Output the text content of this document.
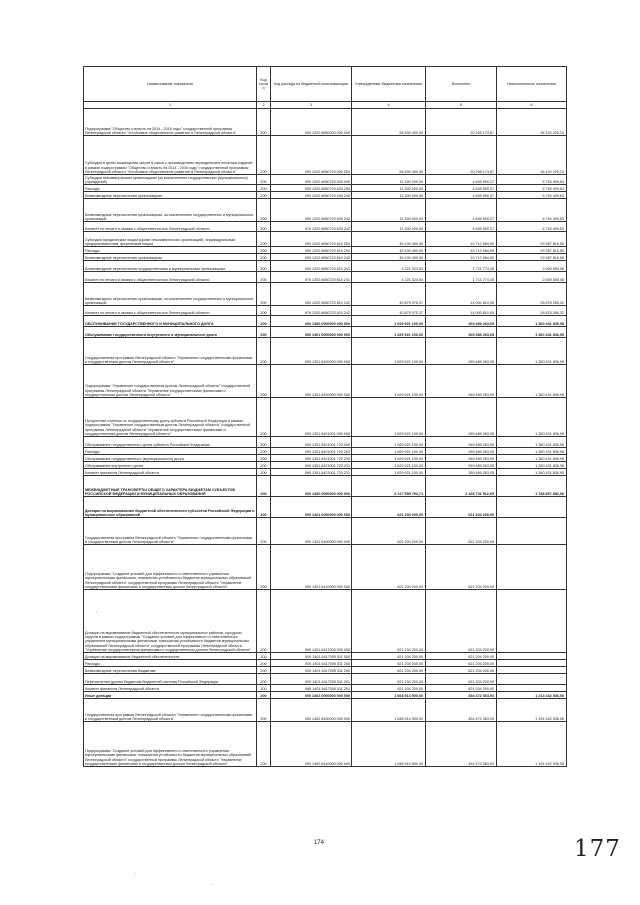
Наименование показателя	Код строк и	Код расхода по бюджетной классификации	Утвержденные бюджетные назначения	Исполнено	Неисполненные назначения
1	2	3	4	5	6
Подпрограмма "Общество и власть на 2014 - 2016 годы" государственной программы Ленинградской области "Устойчивое общественное развитие в Ленинградской области"	200	000 1202 6650000 000 000	56 400 400,00	20 258 174,87	36 142 225,13
Субсидии в целях возмещения затрат в связи с производством периодических печатных изданий в рамках подпрограммы "Общество и власть на 2014 - 2016 годы" государственной программы Ленинградской области "Устойчивое общественное развитие в Ленинградской области"	200	000 1202 6650720 000 000	56 400 400,00	20 258 174,87	36 142 225,13
Субсидии некоммерческим организациям (за исключением государственных (муниципальных) учреждений)	200	000 1202 6650720 630 000	11 300 000,00	4 545 590,37	6 754 409,63
Расходы	200	000 1202 6650720 630 200	11 300 000,00	4 545 590,37	6 754 409,63
Безвозмездные перечисления организациям	200	000 1202 6650720 630 240	11 300 000,00	4 545 590,37	6 754 409,63
Безвозмездные перечисления организациям, за исключением государственных и муниципальных организаций	200	000 1202 6650720 630 242	11 300 000,00	4 545 590,37	6 754 409,63
Комитет по печати и связям с общественностью Ленинградской области	200	976 1202 6650720 630 242	11 300 000,00	4 545 590,37	6 754 409,63
Субсидии юридическим лицам (кроме некоммерческих организаций), индивидуальным предпринимателям, физическим лицам	200	000 1202 6650720 810 000	45 100 400,00	15 712 584,50	29 387 815,50
Расходы	200	000 1202 6650720 810 200	45 100 400,00	15 712 584,50	29 387 815,50
Безвозмездные перечисления организациям	200	000 1202 6650720 810 240	45 100 400,00	15 712 584,50	29 387 815,50
Безвозмездные перечисления государственным и муниципальным организациям	200	000 1202 6650720 810 241	4 221 324,53	1 711 774,45	2 509 550,08
Комитет по печати и связям с общественностью Ленинградской области	200	976 1202 6650720 810 241	4 221 324,53	1 711 774,45	2 509 550,08
Безвозмездные перечисления организациям, за исключением государственных и муниципальных организаций	200	000 1202 6650720 810 242	40 879 075,37	14 000 810,05	26 878 265,32
Комитет по печати и связям с общественностью Ленинградской области	200	976 1202 6650720 810 242	40 879 075,37	14 000 810,05	26 878 265,32
ОБСЛУЖИВАНИЕ ГОСУДАРСТВЕННОГО И МУНИЦИПАЛЬНОГО ДОЛГА	200	000 1300 0000000 000 000	1 629 921 100,00	269 489 263,05	1 360 431 836,95
Обслуживание государственного внутреннего и муниципального долга	200	000 1301 0000000 000 000	1 629 921 100,00	269 489 263,05	1 360 431 836,95
Государственная программа Ленинградской области "Управление государственными финансами и государственным долгом Ленинградской области"	200	000 1301 6400000 000 000	1 629 921 100,00	269 489 263,05	1 360 431 836,95
Подпрограмма "Управление государственным долгом Ленинградской области" государственной программы Ленинградской области "Управление государственными финансами и государственным долгом Ленинградской области"	200	000 1301 6420000 000 000	1 629 921 100,00	269 489 263,05	1 360 431 836,95
Процентные платежи по государственному долгу субъекта Российской Федерации в рамках подпрограммы "Управление государственным долгом Ленинградской области" государственной программы Ленинградской области "Управление государственными финансами и государственным долгом Ленинградской области"	200	000 1301 6421001 000 000	1 629 921 100,00	269 489 263,05	1 360 431 836,95
Обслуживание государственного долга субъекта Российской Федерации	200	000 1301 6421001 720 000	1 629 921 100,00	269 489 263,05	1 360 431 836,95
Расходы	200	000 1301 6421001 720 200	1 629 921 100,00	269 489 263,05	1 360 431 836,95
Обслуживание государственного (муниципального) долга	200	000 1301 6421001 720 230	1 629 921 100,00	269 489 263,05	1 360 431 836,95
Обслуживание внутреннего долга	200	000 1301 6421001 720 231	1 629 921 100,00	269 489 263,05	1 360 431 836,95
Комитет финансов Ленинградской области	200	985 1301 6421001 720 231	1 629 921 100,00	269 489 263,05	1 360 431 836,95
МЕЖБЮДЖЕТНЫЕ ТРАНСФЕРТЫ ОБЩЕГО ХАРАКТЕРА БЮДЖЕТАМ СУБЪЕКТОВ РОССИЙСКОЙ ФЕДЕРАЦИИ И МУНИЦИПАЛЬНЫХ ОБРАЗОВАНИЙ	200	000 1400 0000000 000 000	4 217 599 794,71	2 428 701 912,65	1 788 897 882,06
Дотации на выравнивание бюджетной обеспеченности субъектов Российской Федерации и муниципальных образований	200	000 1401 0000000 000 000	621 204 200,00	621 204 200,00	
Государственная программа Ленинградской области "Управление государственными финансами и государственным долгом Ленинградской области"	200	000 1401 6400000 000 000	621 204 200,00	621 204 200,00	
Подпрограмма "Создание условий для эффективного и ответственного управления муниципальными финансами, повышения устойчивости бюджетов муниципальных образований Ленинградской области" государственной программы Ленинградской области "Управление государственными финансами и государственным долгом Ленинградской области"	200	000 1401 6410000 000 000	621 204 200,00	621 204 200,00	
Дотации на выравнивание бюджетной обеспеченности муниципальных районов, городских округов в рамках подпрограммы "Создание условий для эффективного и ответственного управления муниципальными финансами, повышения устойчивости бюджетов муниципальных образований Ленинградской области" государственной программы Ленинградской области "Управление государственными финансами и государственным долгом Ленинградской области"	200	000 1401 6417005 000 000	621 204 200,00	621 204 200,00	
Дотации на выравнивание бюджетной обеспеченности	200	000 1401 6417005 511 000	621 204 200,00	621 204 200,00	
Расходы	200	000 1401 6417005 511 200	621 204 200,00	621 204 200,00	
Безвозмездные перечисления бюджетам	200	000 1401 6417005 511 250	621 204 200,00	621 204 200,00	
Перечисления другим бюджетам бюджетной системы Российской Федерации	200	000 1401 6417005 511 251	621 204 200,00	621 204 200,00	
Комитет финансов Ленинградской области	200	985 1401 6417005 511 251	621 204 200,00	621 204 200,00	
Иные дотации	200	000 1402 0000000 000 000	1 668 914 900,00	454 472 363,94	1 214 442 536,06
Государственная программа Ленинградской области "Управление государственными финансами и государственным долгом Ленинградской области"	200	000 1402 6400000 000 000	1 648 914 900,00	454 472 363,94	1 194 442 536,06
Подпрограмма "Создание условий для эффективного и ответственного управления муниципальными финансами, повышения устойчивости бюджетов муниципальных образований Ленинградской области" государственной программы Ленинградской области "Управление государственными финансами и государственным долгом Ленинградской области"	200	000 1402 6410000 000 000	1 648 914 900,00	454 472 363,94	1 194 442 536,06
174	177
